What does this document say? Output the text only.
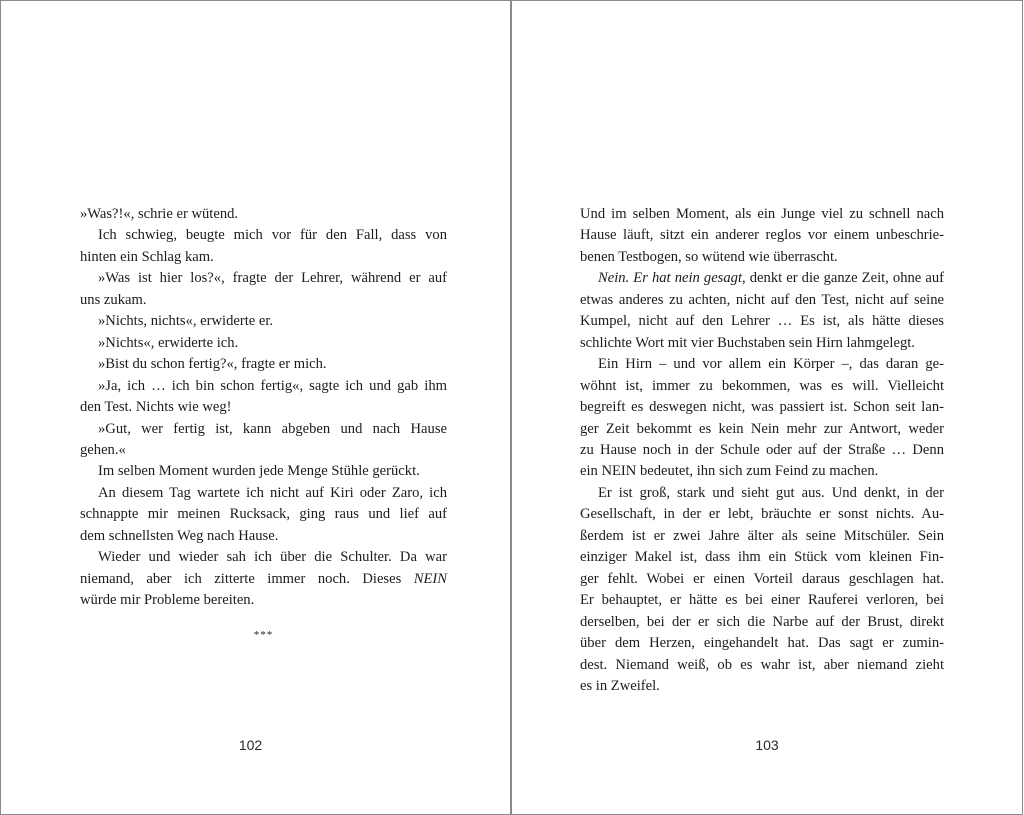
»Was?!«, schrie er wütend.

Ich schwieg, beugte mich vor für den Fall, dass von

hinten ein Schlag kam.

»Was ist hier los?«, fragte der Lehrer, während er auf

uns zukam.

»Nichts, nichts«, erwiderte er.

»Nichts«, erwiderte ich.

»Bist du schon fertig?«, fragte er mich.

»Ja, ich … ich bin schon fertig«, sagte ich und gab ihm

den Test. Nichts wie weg!

»Gut, wer fertig ist, kann abgeben und nach Hause

gehen.«

Im selben Moment wurden jede Menge Stühle gerückt.

An diesem Tag wartete ich nicht auf Kiri oder Zaro, ich

schnappte mir meinen Rucksack, ging raus und lief auf

dem schnellsten Weg nach Hause.

Wieder und wieder sah ich über die Schulter. Da war

niemand, aber ich zitterte immer noch. Dieses NEIN

würde mir Probleme bereiten.

***
102

Und im selben Moment, als ein Junge viel zu schnell nach

Hause läuft, sitzt ein anderer reglos vor einem unbeschrie-

benen Testbogen, so wütend wie überrascht.

Nein. Er hat nein gesagt, denkt er die ganze Zeit, ohne auf

etwas anderes zu achten, nicht auf den Test, nicht auf seine

Kumpel, nicht auf den Lehrer … Es ist, als hätte dieses

schlichte Wort mit vier Buchstaben sein Hirn lahmgelegt.

Ein Hirn – und vor allem ein Körper –, das daran ge-

wöhnt ist, immer zu bekommen, was es will. Vielleicht

begreift es deswegen nicht, was passiert ist. Schon seit lan-

ger Zeit bekommt es kein Nein mehr zur Antwort, weder

zu Hause noch in der Schule oder auf der Straße … Denn

ein NEIN bedeutet, ihn sich zum Feind zu machen.

Er ist groß, stark und sieht gut aus. Und denkt, in der

Gesellschaft, in der er lebt, bräuchte er sonst nichts. Au-

ßerdem ist er zwei Jahre älter als seine Mitschüler. Sein

einziger Makel ist, dass ihm ein Stück vom kleinen Fin-

ger fehlt. Wobei er einen Vorteil daraus geschlagen hat.

Er behauptet, er hätte es bei einer Rauferei verloren, bei

derselben, bei der er sich die Narbe auf der Brust, direkt

über dem Herzen, eingehandelt hat. Das sagt er zumin-

dest. Niemand weiß, ob es wahr ist, aber niemand zieht

es in Zweifel.

103
